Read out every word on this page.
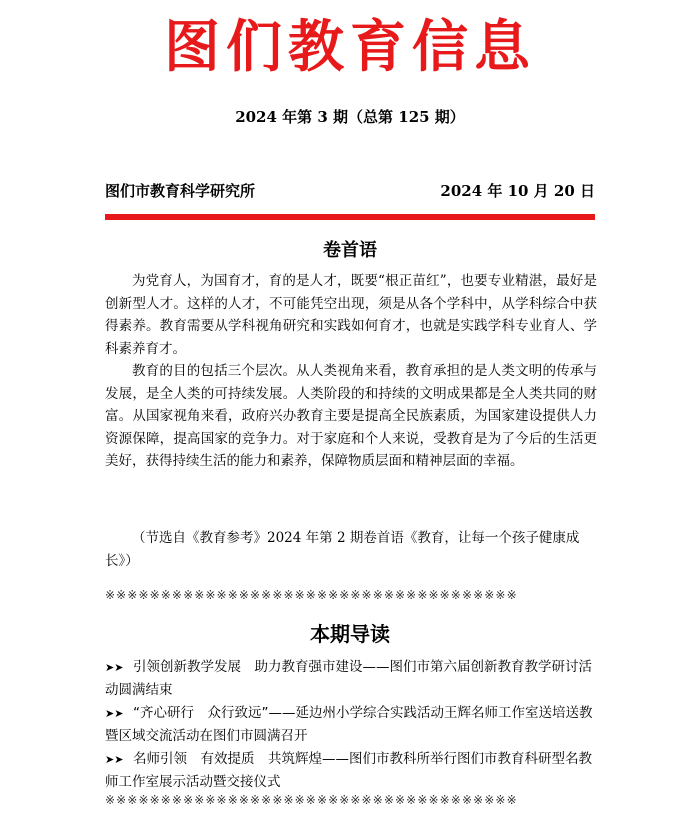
图们教育信息
2024 年第 3 期（总第 125 期）
图们市教育科学研究所	2024 年 10 月 20 日
卷首语

为党育人，为国育才，育的是人才，既要“根正苗红”，也要专业精湛，最好是创新型人才。这样的人才，不可能凭空出现，须是从各个学科中，从学科综合中获得素养。教育需要从学科视角研究和实践如何育才，也就是实践学科专业育人、学科素养育才。

教育的目的包括三个层次。从人类视角来看，教育承担的是人类文明的传承与发展，是全人类的可持续发展。人类阶段的和持续的文明成果都是全人类共同的财富。从国家视角来看，政府兴办教育主要是提高全民族素质，为国家建设提供人力资源保障，提高国家的竞争力。对于家庭和个人来说，受教育是为了今后的生活更美好，获得持续生活的能力和素养，保障物质层面和精神层面的幸福。

（节选自《教育参考》2024 年第 2 期卷首语《教育，让每一个孩子健康成长》）
※※※※※※※※※※※※※※※※※※※※※※※※※※※※※※※※※※※※※
本期导读
➤➤ 引领创新教学发展　助力教育强市建设——图们市第六届创新教育教学研讨活动圆满结束
➤➤ “齐心研行　众行致远”——延边州小学综合实践活动王辉名师工作室送培送教暨区域交流活动在图们市圆满召开
➤➤ 名师引领　有效提质　共筑辉煌——图们市教科所举行图们市教育科研型名教师工作室展示活动暨交接仪式
※※※※※※※※※※※※※※※※※※※※※※※※※※※※※※※※※※※※※
